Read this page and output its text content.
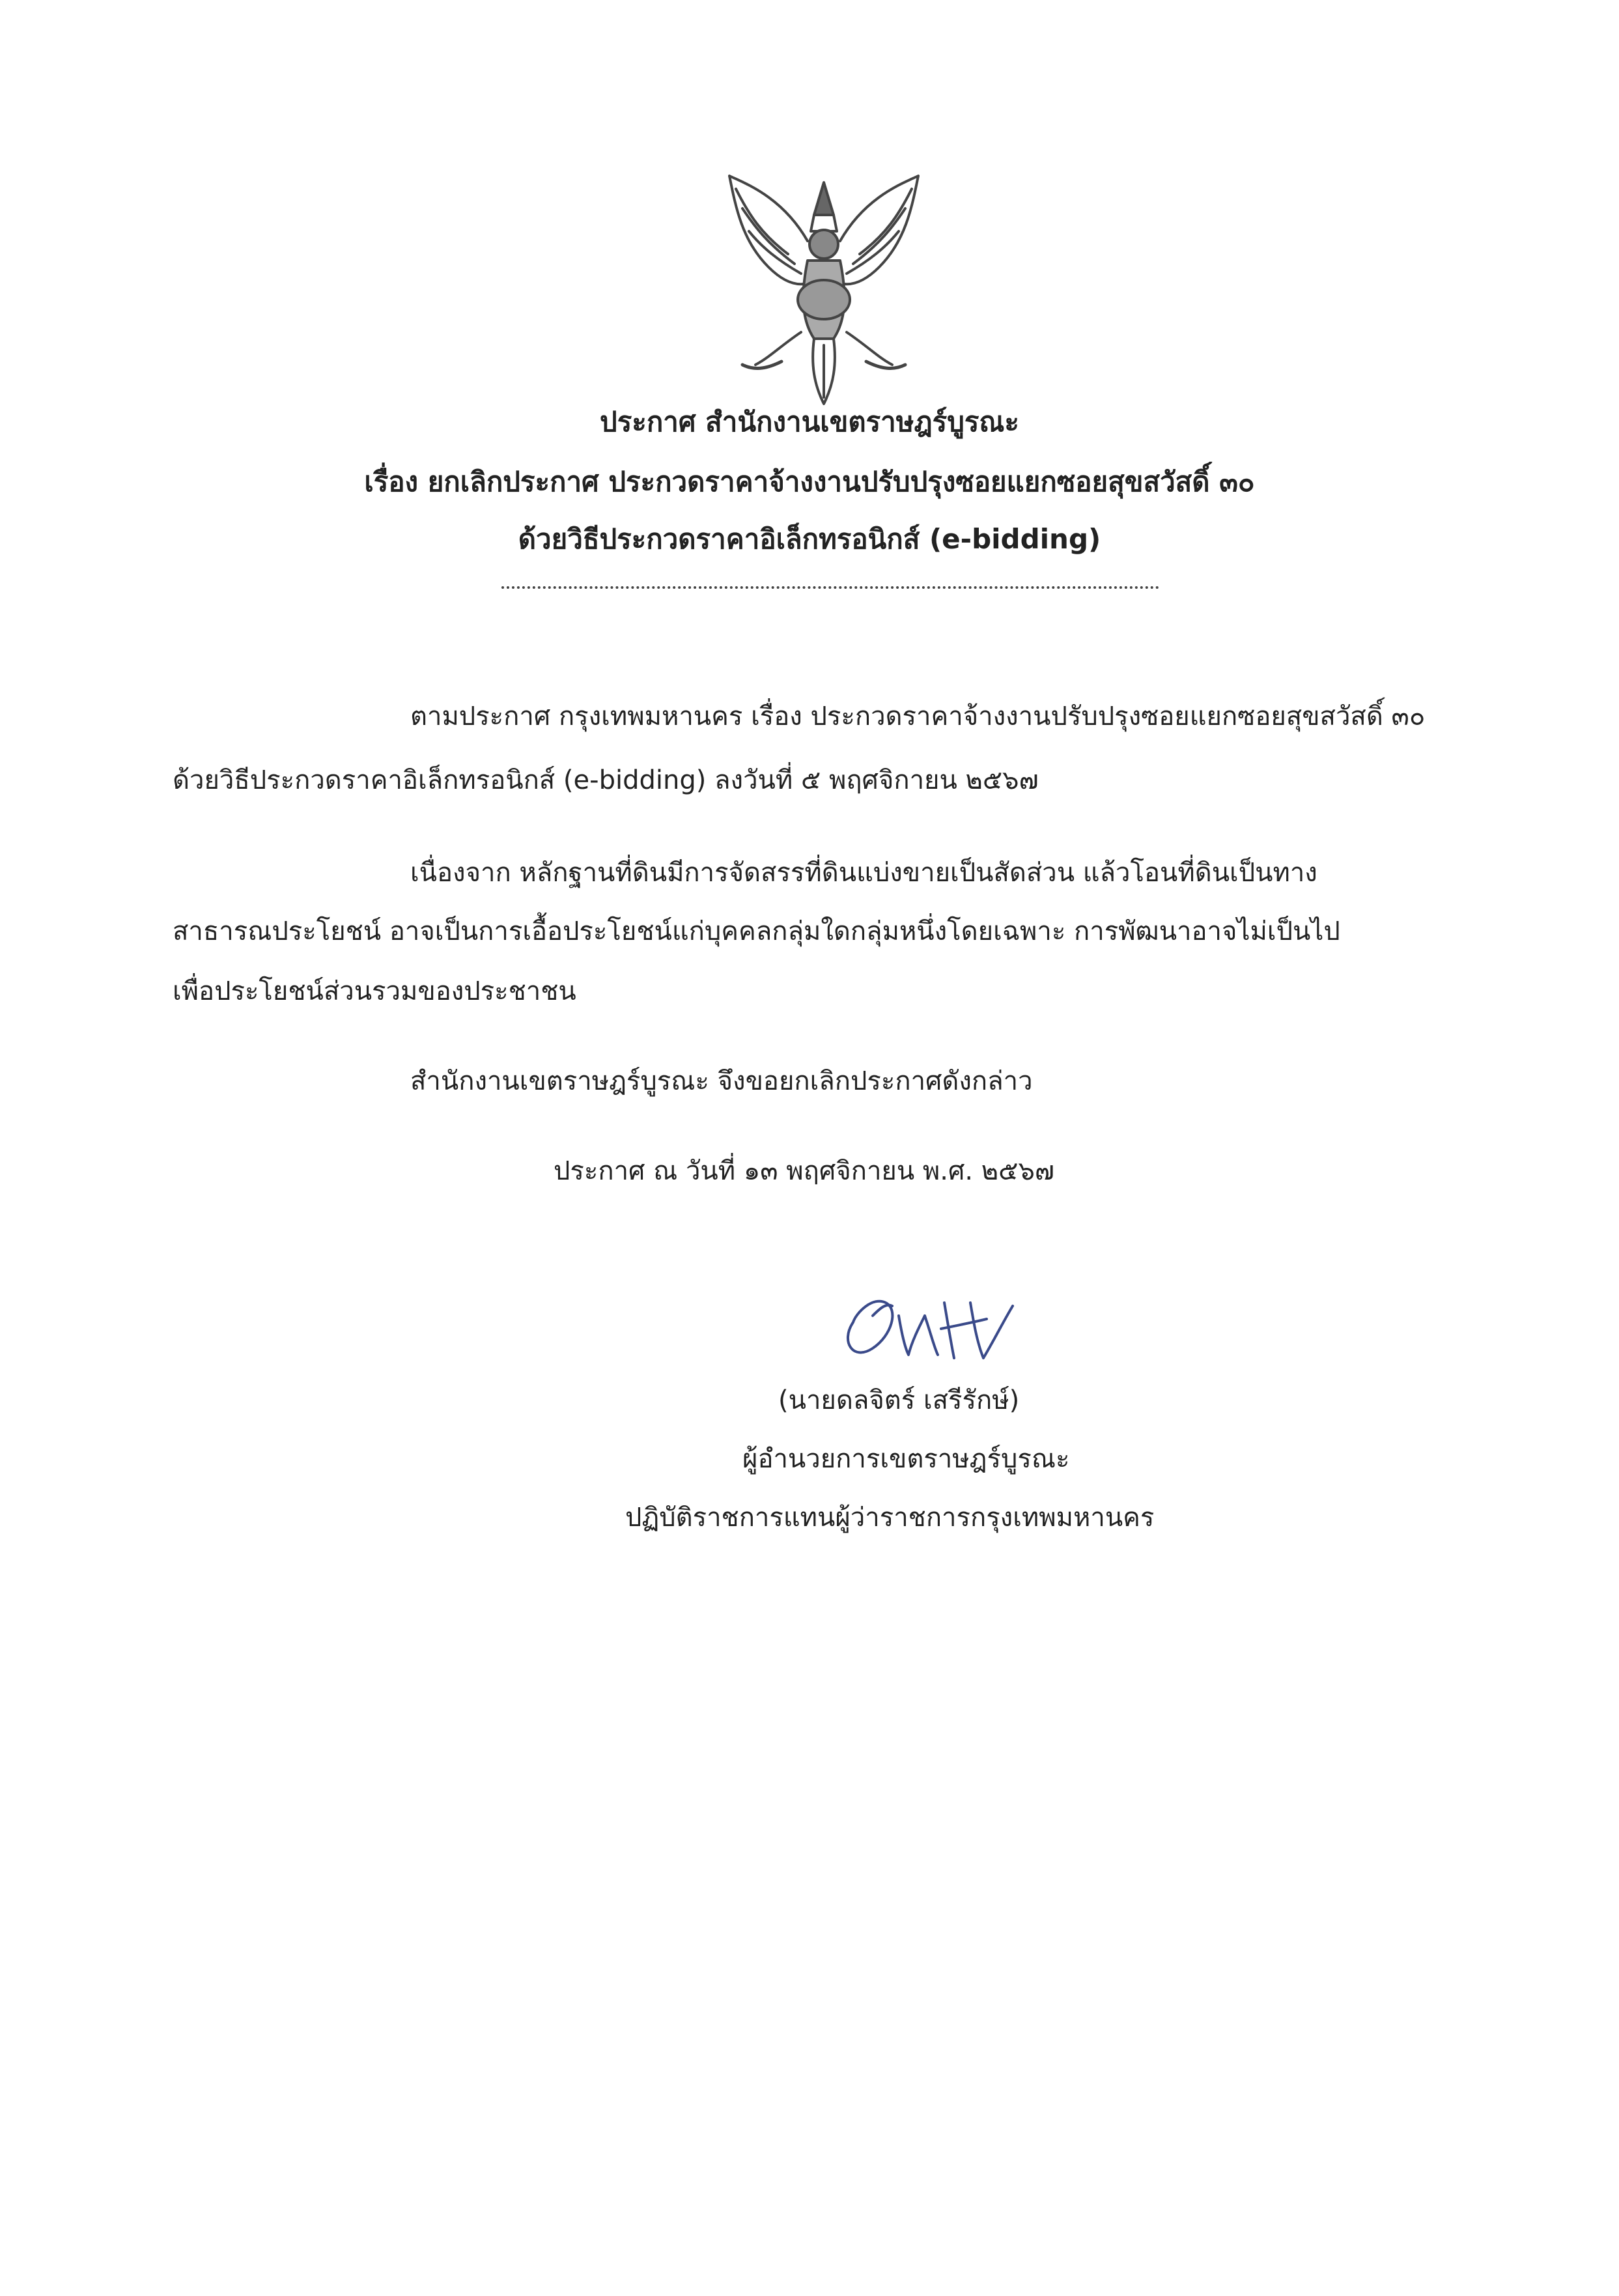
ประกาศ สำนักงานเขตราษฎร์บูรณะ
เรื่อง ยกเลิกประกาศ ประกวดราคาจ้างงานปรับปรุงซอยแยกซอยสุขสวัสดิ์ ๓๐
ด้วยวิธีประกวดราคาอิเล็กทรอนิกส์ (e-bidding)
ตามประกาศ กรุงเทพมหานคร เรื่อง ประกวดราคาจ้างงานปรับปรุงซอยแยกซอยสุขสวัสดิ์ ๓๐
ด้วยวิธีประกวดราคาอิเล็กทรอนิกส์ (e-bidding) ลงวันที่ ๕ พฤศจิกายน ๒๕๖๗
เนื่องจาก หลักฐานที่ดินมีการจัดสรรที่ดินแบ่งขายเป็นสัดส่วน แล้วโอนที่ดินเป็นทาง
สาธารณประโยชน์ อาจเป็นการเอื้อประโยชน์แก่บุคคลกลุ่มใดกลุ่มหนึ่งโดยเฉพาะ การพัฒนาอาจไม่เป็นไป
เพื่อประโยชน์ส่วนรวมของประชาชน
สำนักงานเขตราษฎร์บูรณะ จึงขอยกเลิกประกาศดังกล่าว
ประกาศ ณ วันที่ ๑๓ พฤศจิกายน พ.ศ. ๒๕๖๗
(นายดลจิตร์ เสรีรักษ์)
ผู้อำนวยการเขตราษฎร์บูรณะ
ปฏิบัติราชการแทนผู้ว่าราชการกรุงเทพมหานคร
